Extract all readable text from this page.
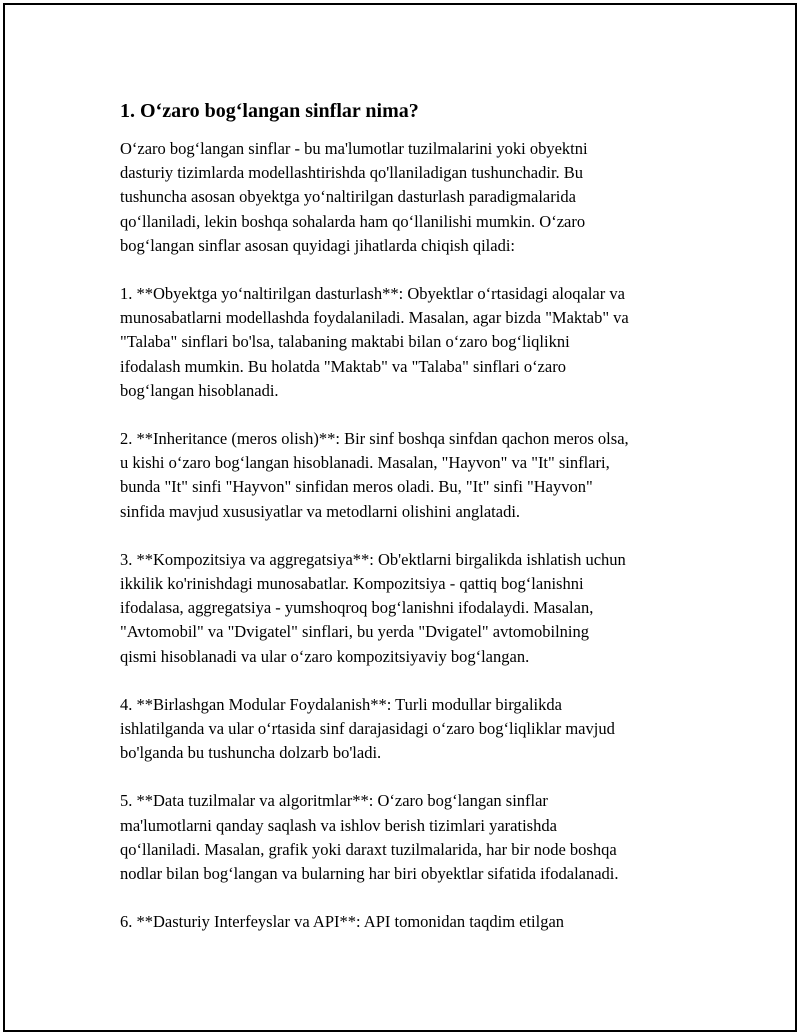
1. O‘zaro bog‘langan sinflar nima?
O‘zaro bog‘langan sinflar - bu ma'lumotlar tuzilmalarini yoki obyektni
dasturiy tizimlarda modellashtirishda qo'llaniladigan tushunchadir. Bu
tushuncha asosan obyektga yo‘naltirilgan dasturlash paradigmalarida
qo‘llaniladi, lekin boshqa sohalarda ham qo‘llanilishi mumkin. O‘zaro
bog‘langan sinflar asosan quyidagi jihatlarda chiqish qiladi:
1. **Obyektga yo‘naltirilgan dasturlash**: Obyektlar o‘rtasidagi aloqalar va
munosabatlarni modellashda foydalaniladi. Masalan, agar bizda "Maktab" va
"Talaba" sinflari bo'lsa, talabaning maktabi bilan o‘zaro bog‘liqlikni
ifodalash mumkin. Bu holatda "Maktab" va "Talaba" sinflari o‘zaro
bog‘langan hisoblanadi.
2. **Inheritance (meros olish)**: Bir sinf boshqa sinfdan qachon meros olsa,
u kishi o‘zaro bog‘langan hisoblanadi. Masalan, "Hayvon" va "It" sinflari,
bunda "It" sinfi "Hayvon" sinfidan meros oladi. Bu, "It" sinfi "Hayvon"
sinfida mavjud xususiyatlar va metodlarni olishini anglatadi.
3. **Kompozitsiya va aggregatsiya**: Ob'ektlarni birgalikda ishlatish uchun
ikkilik ko'rinishdagi munosabatlar. Kompozitsiya - qattiq bog‘lanishni
ifodalasa, aggregatsiya - yumshoqroq bog‘lanishni ifodalaydi. Masalan,
"Avtomobil" va "Dvigatel" sinflari, bu yerda "Dvigatel" avtomobilning
qismi hisoblanadi va ular o‘zaro kompozitsiyaviy bog‘langan.
4. **Birlashgan Modular Foydalanish**: Turli modullar birgalikda
ishlatilganda va ular o‘rtasida sinf darajasidagi o‘zaro bog‘liqliklar mavjud
bo'lganda bu tushuncha dolzarb bo'ladi.
5. **Data tuzilmalar va algoritmlar**: O‘zaro bog‘langan sinflar
ma'lumotlarni qanday saqlash va ishlov berish tizimlari yaratishda
qo‘llaniladi. Masalan, grafik yoki daraxt tuzilmalarida, har bir node boshqa
nodlar bilan bog‘langan va bularning har biri obyektlar sifatida ifodalanadi.
6. **Dasturiy Interfeyslar va API**: API tomonidan taqdim etilgan
